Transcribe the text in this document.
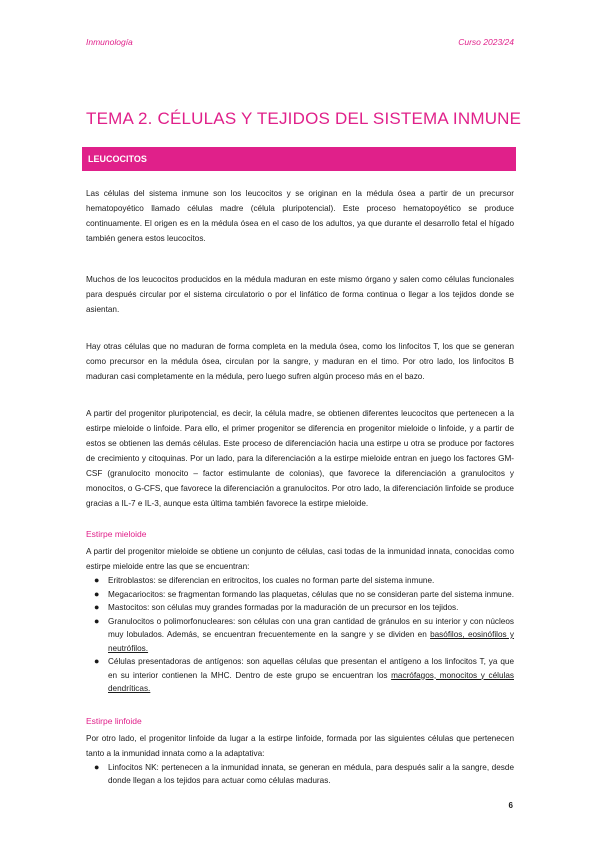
Inmunología	Curso 2023/24
TEMA 2. CÉLULAS Y TEJIDOS DEL SISTEMA INMUNE
LEUCOCITOS

Las células del sistema inmune son los leucocitos y se originan en la médula ósea a partir de un precursor hematopoyético llamado células madre (célula pluripotencial). Este proceso hematopoyético se produce continuamente. El origen es en la médula ósea en el caso de los adultos, ya que durante el desarrollo fetal el hígado también genera estos leucocitos.

Muchos de los leucocitos producidos en la médula maduran en este mismo órgano y salen como células funcionales para después circular por el sistema circulatorio o por el linfático de forma continua o llegar a los tejidos donde se asientan.

Hay otras células que no maduran de forma completa en la medula ósea, como los linfocitos T, los que se generan como precursor en la médula ósea, circulan por la sangre, y maduran en el timo. Por otro lado, los linfocitos B maduran casi completamente en la médula, pero luego sufren algún proceso más en el bazo.

A partir del progenitor pluripotencial, es decir, la célula madre, se obtienen diferentes leucocitos que pertenecen a la estirpe mieloide o linfoide. Para ello, el primer progenitor se diferencia en progenitor mieloide o linfoide, y a partir de estos se obtienen las demás células. Este proceso de diferenciación hacia una estirpe u otra se produce por factores de crecimiento y citoquinas. Por un lado, para la diferenciación a la estirpe mieloide entran en juego los factores GM-CSF (granulocito monocito – factor estimulante de colonias), que favorece la diferenciación a granulocitos y monocitos, o G-CFS, que favorece la diferenciación a granulocitos. Por otro lado, la diferenciación linfoide se produce gracias a IL-7 e IL-3, aunque esta última también favorece la estirpe mieloide.

Estirpe mieloide

A partir del progenitor mieloide se obtiene un conjunto de células, casi todas de la inmunidad innata, conocidas como estirpe mieloide entre las que se encuentran:

● Eritroblastos: se diferencian en eritrocitos, los cuales no forman parte del sistema inmune.
● Megacariocitos: se fragmentan formando las plaquetas, células que no se consideran parte del sistema inmune.
● Mastocitos: son células muy grandes formadas por la maduración de un precursor en los tejidos.
● Granulocitos o polimorfonucleares: son células con una gran cantidad de gránulos en su interior y con núcleos muy lobulados. Además, se encuentran frecuentemente en la sangre y se dividen en basófilos, eosinófilos y neutrófilos.
● Células presentadoras de antígenos: son aquellas células que presentan el antígeno a los linfocitos T, ya que en su interior contienen la MHC. Dentro de este grupo se encuentran los macrófagos, monocitos y células dendríticas.
Estirpe linfoide

Por otro lado, el progenitor linfoide da lugar a la estirpe linfoide, formada por las siguientes células que pertenecen tanto a la inmunidad innata como a la adaptativa:

● Linfocitos NK: pertenecen a la inmunidad innata, se generan en médula, para después salir a la sangre, desde donde llegan a los tejidos para actuar como células maduras.
6
